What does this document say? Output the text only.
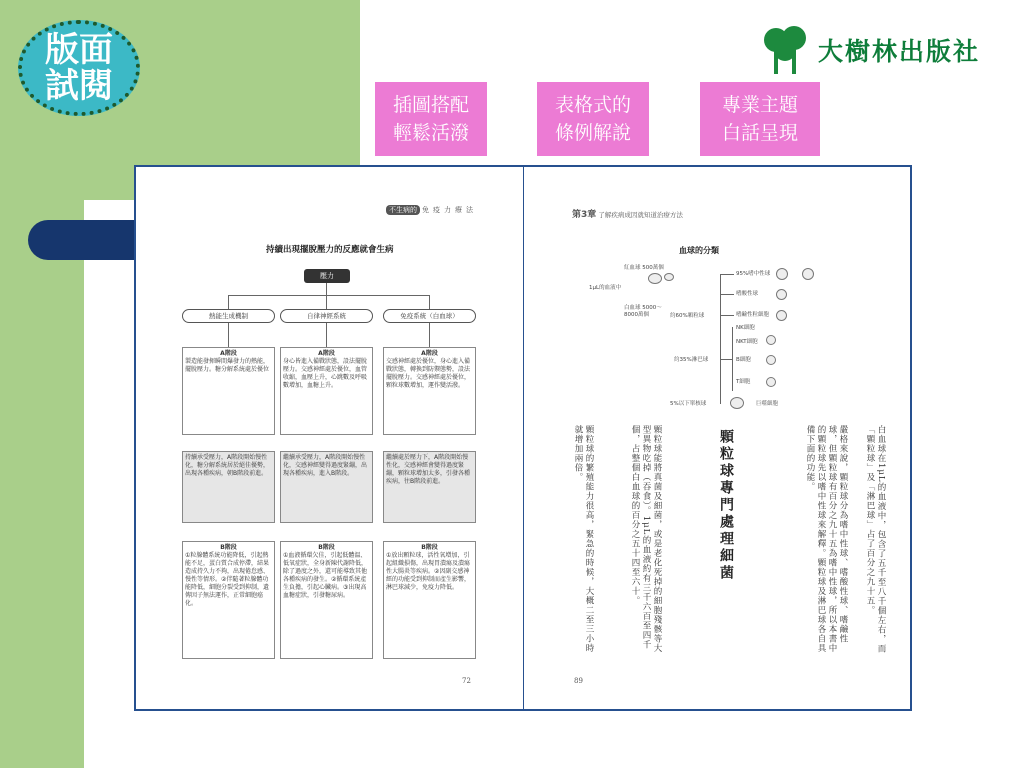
版面
試閱
大樹林出版社
插圖搭配
輕鬆活潑
表格式的
條例解說
專業主題
白話呈現
不生病的 免疫力療法
持續出現擺脫壓力的反應就會生病
壓力
熱能生成機制	自律神經系統	免疫系統（白血球）
A階段
製造能發揮瞬間爆發力的熱能，擺脫壓力。糖分解系統處於優位
A階段
身心皆進入備戰狀態，設法擺脫壓力。交感神經處於優位，血管收縮，血壓上升，心跳數及呼吸數增加，血糖上升。
A階段
交感神經處於優位，身心進入備戰狀態，轉換到防禦態勢，設法擺脫壓力。交感神經處於優位，顆粒球數增加，運作變活潑。
持續承受壓力，A階段開始慢性化，糖分解系統居於絕佳優勢，出現各種疾病，朝B階段前進。
繼續承受壓力，A階段開始慢性化，交感神經變得過度緊繃，出現各種疾病，進入B階段。
繼續處於壓力下，A階段開始慢性化，交感神經會變得過度緊繃，顆粒球增加太多，引發各種疾病，往B階段前進。
B階段
①粒腺體系統功能降低，引起熱能不足，蛋白質合成停滯，結果造成持久力不夠，出現倦怠感、慢性等情形。②伴隨著粒腺體功能降低，細胞分裂受到抑制，遺傳因子無法運作，正常細胞癌化。
B階段
①血液循環欠佳，引起低體溫、低氧症狀，全身新陳代謝降低，除了過度之外，還可能導致其他各種疾病的發生。②循環系統產生負擔，引起心臟病。③出現高血糖症狀，引發糖尿病。
B階段
①放出顆粒球，活性氧增加，引起組織損傷，出現胃潰瘍及潰瘍性大腸炎等疾病。②因副交感神經的功能受到抑制而產生影響，淋巴球減少，免疫力降低。
72
第3章 了解疾病成因就知道治療方法
血球的分類
1μL的血液中
紅血球 500萬個
白血球 5000～8000萬個	約60%顆粒球
約35%淋巴球
5%以下單核球
95%嗜中性球
嗜酸性球
嗜鹼性粒細胞
NK細胞
NKT細胞
B細胞
T細胞
巨噬細胞
白血球在1μL的血液中，包含了五千至八千個左右，而「顆粒球」及「淋巴球」占了百分之九十五。
嚴格來說，顆粒球分為嗜中性球、嗜酸性球、嗜鹼性球，但顆粒球有百分之九十五為嗜中性球，所以本書中的顆粒球先以嗜中性球來解釋。顆粒球及淋巴球各自具備下面的功能。
顆粒球專門處理細菌
顆粒球能將真菌及細菌，或是老化死掉的細胞殘骸等大型異物吃掉（吞食）。1μL的血液約有三千六百至四千個，占整個白血球的百分之五十四至六十。
顆粒球的繁殖能力很高，緊急的時候，大概二至三小時就增加兩倍。
89
